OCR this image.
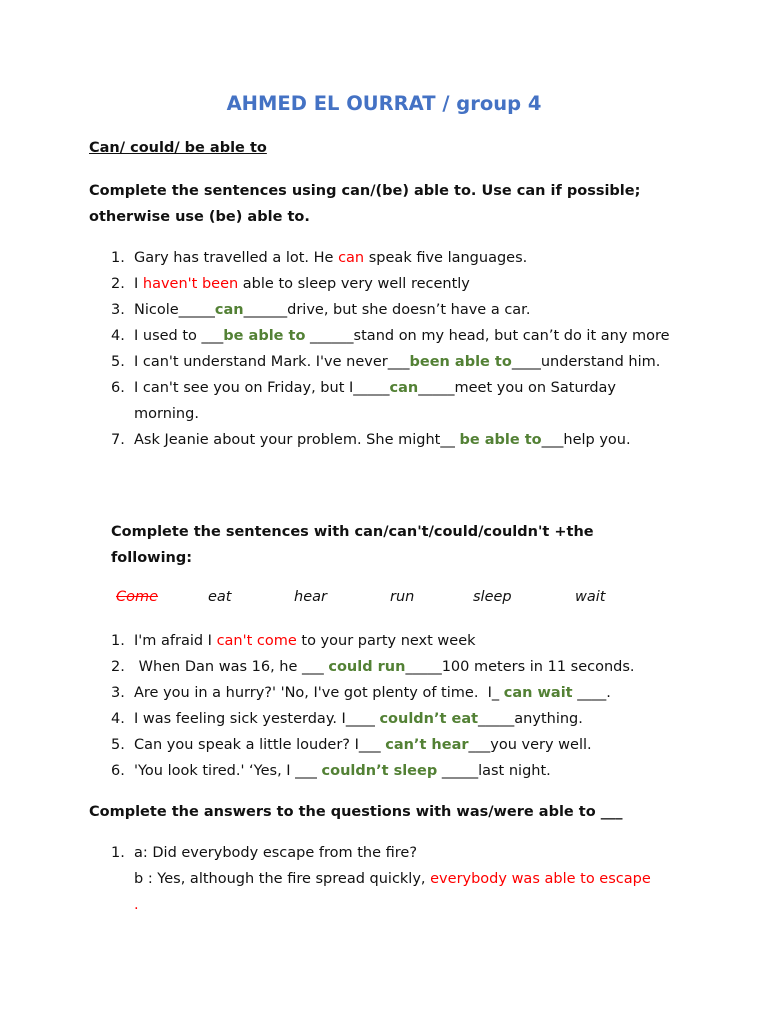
AHMED EL OURRAT / group 4
Can/ could/ be able to
Complete the sentences using can/(be) able to. Use can if possible; otherwise use (be) able to.
1. Gary has travelled a lot. He can speak five languages.
2. I haven't been able to sleep very well recently
3. Nicole_____can______drive, but she doesn’t have a car.
4. I used to ___be able to ______stand on my head, but can’t do it any more
5. I can't understand Mark. I've never___been able to____understand him.
6. I can't see you on Friday, but I_____can_____meet you on Saturday morning.
7. Ask Jeanie about your problem. She might__ be able to___help you.
Complete the sentences with can/can't/could/couldn't +the following:
Come	eat	hear	run	sleep	wait
1. I'm afraid I can't come to your party next week
2. When Dan was 16, he ___ could run_____100 meters in 11 seconds.
3. Are you in a hurry?' 'No, I've got plenty of time.  I_ can wait ____.
4. I was feeling sick yesterday. I____ couldn’t eat_____anything.
5. Can you speak a little louder? I___ can’t hear___you very well.
6. 'You look tired.' ‘Yes, I ___ couldn’t sleep _____last night.
Complete the answers to the questions with was/were able to ___
1. a: Did everybody escape from the fire?
b : Yes, although the fire spread quickly, everybody was able to escape .
